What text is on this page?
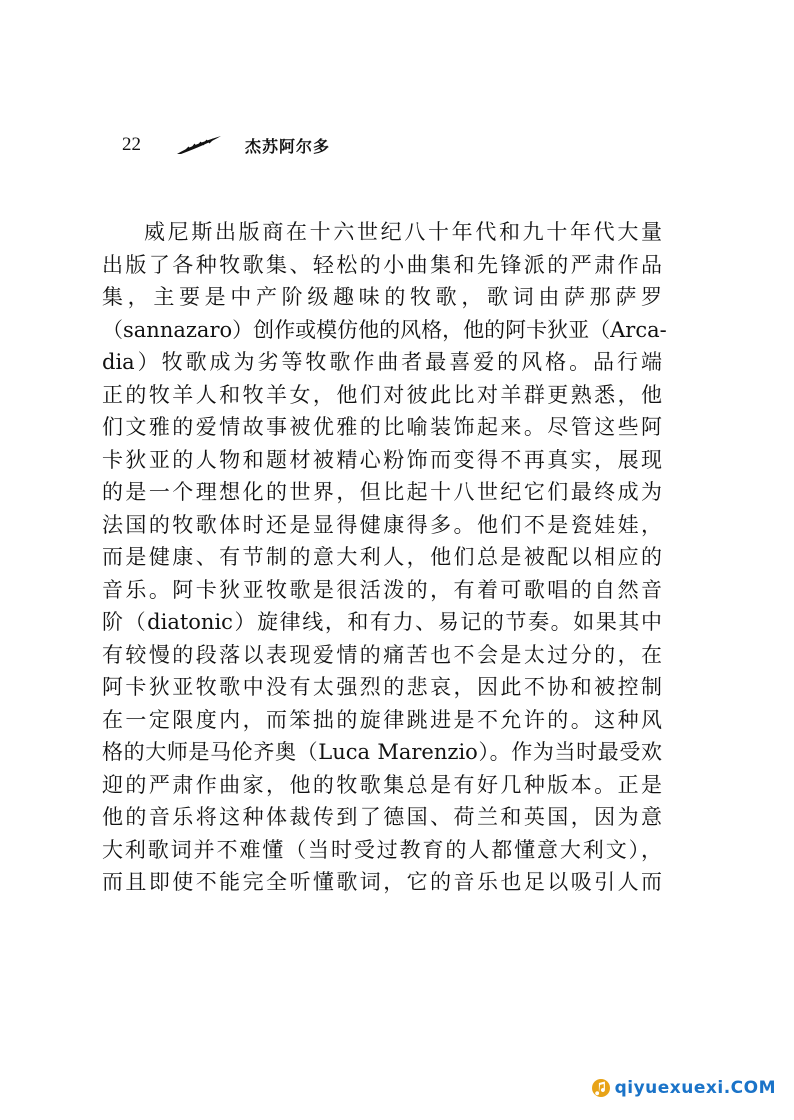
22	杰苏阿尔多
威尼斯出版商在十六世纪八十年代和九十年代大量
出版了各种牧歌集、轻松的小曲集和先锋派的严肃作品
集，主要是中产阶级趣味的牧歌，歌词由萨那萨罗
（sannazaro）创作或模仿他的风格，他的阿卡狄亚（Arca-
dia）牧歌成为劣等牧歌作曲者最喜爱的风格。品行端
正的牧羊人和牧羊女，他们对彼此比对羊群更熟悉，他
们文雅的爱情故事被优雅的比喻装饰起来。尽管这些阿
卡狄亚的人物和题材被精心粉饰而变得不再真实，展现
的是一个理想化的世界，但比起十八世纪它们最终成为
法国的牧歌体时还是显得健康得多。他们不是瓷娃娃，
而是健康、有节制的意大利人，他们总是被配以相应的
音乐。阿卡狄亚牧歌是很活泼的，有着可歌唱的自然音
阶（diatonic）旋律线，和有力、易记的节奏。如果其中
有较慢的段落以表现爱情的痛苦也不会是太过分的，在
阿卡狄亚牧歌中没有太强烈的悲哀，因此不协和被控制
在一定限度内，而笨拙的旋律跳进是不允许的。这种风
格的大师是马伦齐奥（Luca Marenzio）。作为当时最受欢
迎的严肃作曲家，他的牧歌集总是有好几种版本。正是
他的音乐将这种体裁传到了德国、荷兰和英国，因为意
大利歌词并不难懂（当时受过教育的人都懂意大利文），
而且即使不能完全听懂歌词，它的音乐也足以吸引人而
qiyuexuexi.COM
